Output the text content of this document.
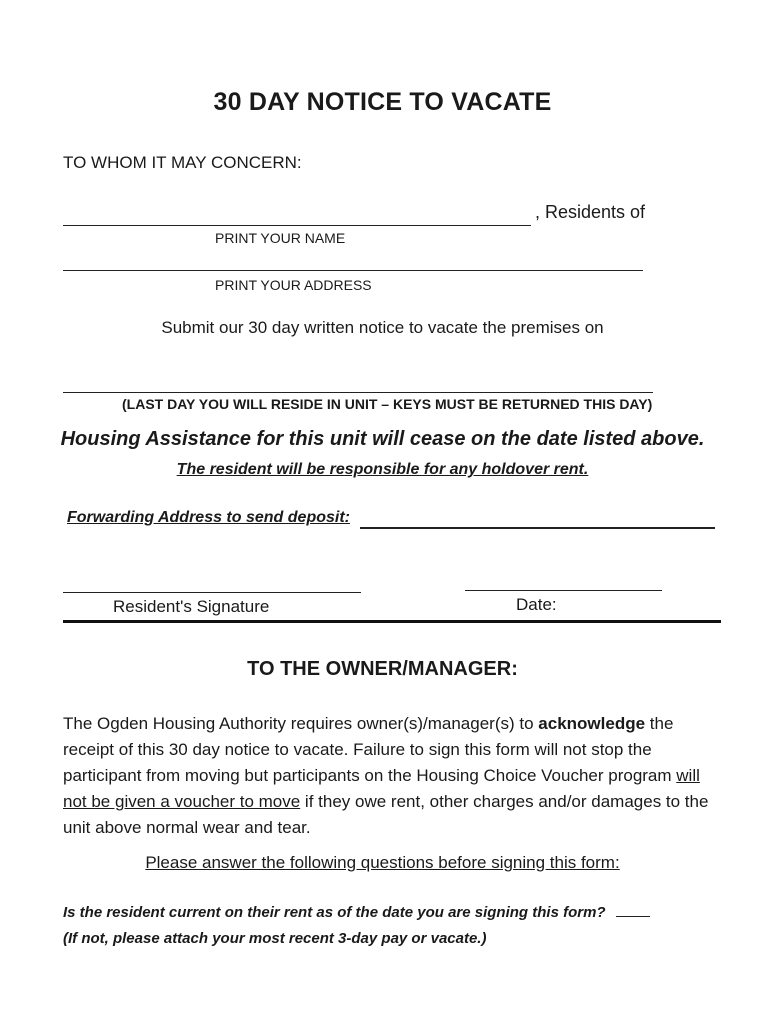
30 DAY NOTICE TO VACATE
TO WHOM IT MAY CONCERN:
, Residents of
PRINT YOUR NAME
PRINT YOUR ADDRESS
Submit our 30 day written notice to vacate the premises on
(LAST DAY YOU WILL RESIDE IN UNIT – KEYS MUST BE RETURNED THIS DAY)
Housing Assistance for this unit will cease on the date listed above.
The resident will be responsible for any holdover rent.
Forwarding Address to send deposit:
Resident's Signature	Date:
TO THE OWNER/MANAGER:
The Ogden Housing Authority requires owner(s)/manager(s) to acknowledge the receipt of this 30 day notice to vacate. Failure to sign this form will not stop the participant from moving but participants on the Housing Choice Voucher program will not be given a voucher to move if they owe rent, other charges and/or damages to the unit above normal wear and tear.
Please answer the following questions before signing this form:
Is the resident current on their rent as of the date you are signing this form?
(If not, please attach your most recent 3-day pay or vacate.)
